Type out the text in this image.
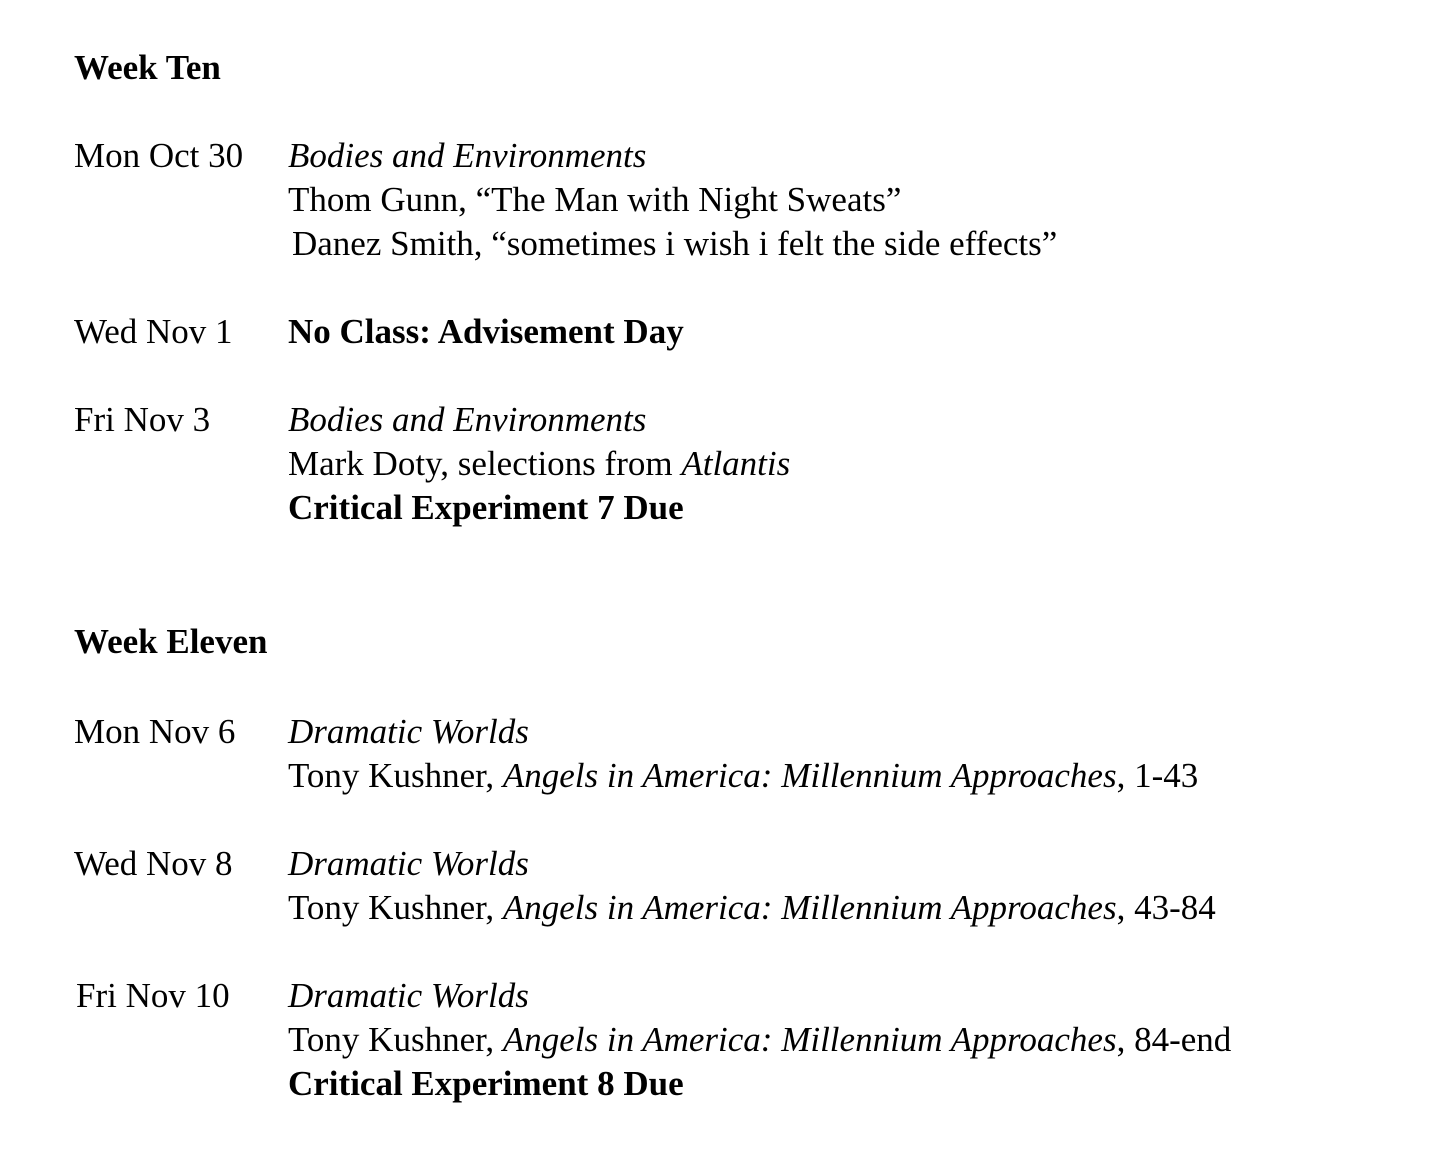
Week Ten
Mon Oct 30 Bodies and Environments
Thom Gunn, “The Man with Night Sweats”
Danez Smith, “sometimes i wish i felt the side effects”
Wed Nov 1 No Class: Advisement Day
Fri Nov 3 Bodies and Environments
Mark Doty, selections from Atlantis
Critical Experiment 7 Due
Week Eleven
Mon Nov 6 Dramatic Worlds
Tony Kushner, Angels in America: Millennium Approaches, 1-43
Wed Nov 8 Dramatic Worlds
Tony Kushner, Angels in America: Millennium Approaches, 43-84
Fri Nov 10 Dramatic Worlds
Tony Kushner, Angels in America: Millennium Approaches, 84-end
Critical Experiment 8 Due
